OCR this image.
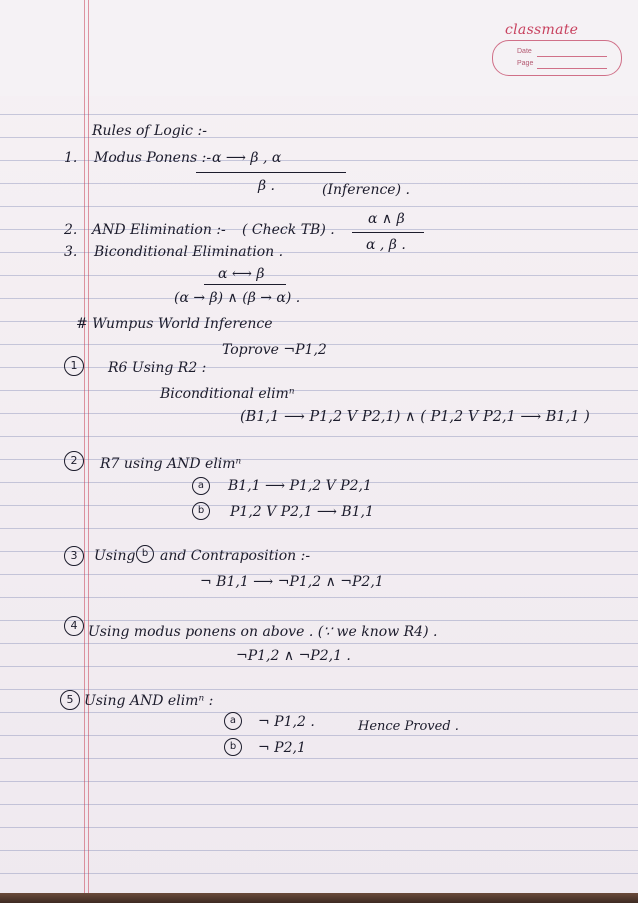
classmate
Date
Page
Rules of Logic :-
1. Modus Ponens :- α ⟶ β , α
β .	(Inference) .
2. AND Elimination :- ( Check TB) .
α ∧ β
α , β .
3. Biconditional Elimination .
α ⟷ β
(α → β) ∧ (β → α) .
# Wumpus World Inference
Toprove ¬P1,2
1	R6 Using R2 :
Biconditional elimⁿ
(B1,1 ⟶ P1,2 V P2,1) ∧ ( P1,2 V P2,1 ⟶ B1,1 )
2	R7 using AND elimⁿ
a	B1,1 ⟶ P1,2 V P2,1
b	P1,2 V P2,1 ⟶ B1,1
3	Using b and Contraposition :-
¬ B1,1 ⟶ ¬P1,2 ∧ ¬P2,1
4 Using modus ponens on above . (∵ we know R4) .
¬P1,2 ∧ ¬P2,1 .
5 Using AND elimⁿ :
a	¬ P1,2 .	Hence Proved .
b	¬ P2,1
